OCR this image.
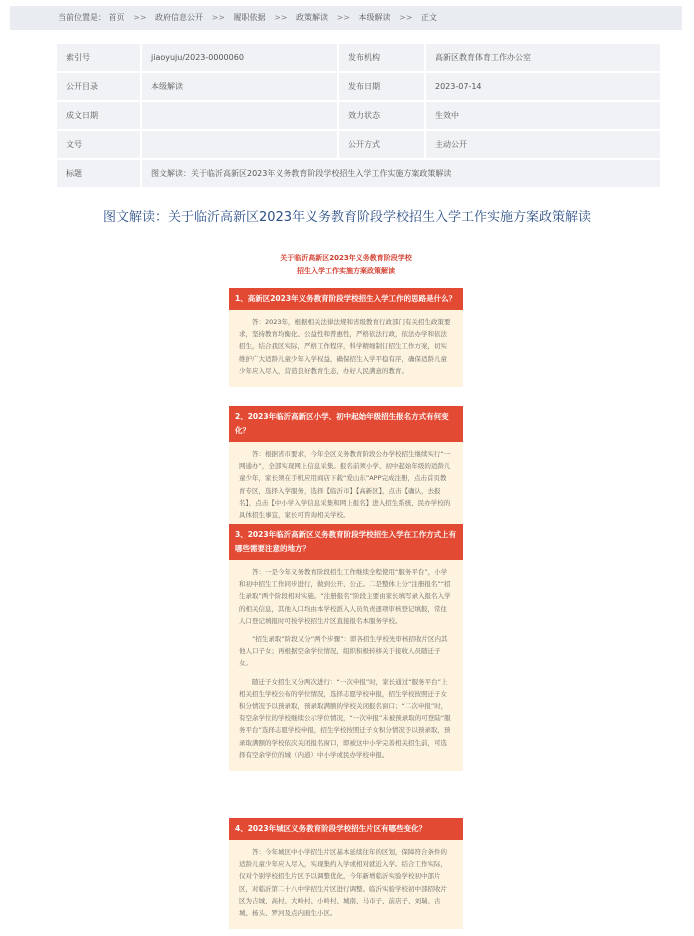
当前位置是： 首页 >> 政府信息公开 >> 履职依据 >> 政策解读 >> 本级解读 >> 正文
索引号	jiaoyuju/2023-0000060	发布机构	高新区教育体育工作办公室
公开目录	本级解读	发布日期	2023-07-14
成文日期		效力状态	生效中
文号		公开方式	主动公开
标题	图文解读：关于临沂高新区2023年义务教育阶段学校招生入学工作实施方案政策解读		
图文解读：关于临沂高新区2023年义务教育阶段学校招生入学工作实施方案政策解读
关于临沂高新区2023年义务教育阶段学校
招生入学工作实施方案政策解读
1、高新区2023年义务教育阶段学校招生入学工作的思路是什么？

答：2023年，根据相关法律法规和省级教育行政部门有关招生政策要求，坚持教育均衡化、公益性和普惠性，严格依法行政，依法办学和依法招生，结合我区实际，严格工作程序，科学精细制订招生工作方案，切实维护广大适龄儿童少年入学权益，确保招生入学平稳有序，确保适龄儿童少年应入尽入，营造良好教育生态，办好人民满意的教育。

2、2023年临沂高新区小学、初中起始年级招生报名方式有何变化？

答：根据省市要求，今年全区义务教育阶段公办学校招生继续实行“一网通办”，全部实现网上信息采集。报名前须小学、初中起始年级的适龄儿童少年，家长须在手机应用商店下载“爱山东”APP完成注册，点击首页教育专区，选择入学服务，选择【临沂市】【高新区】，点击【确认，去报名】，点击【中小学入学信息采集和网上报名】进入招生系统，民办学校的具体招生事宜，家长可咨询相关学校。

3、2023年临沂高新区义务教育阶段学校招生入学在工作方式上有哪些需要注意的地方？

答：一是今年义务教育阶段招生工作继续全程使用“服务平台”，小学和初中招生工作同步进行，做到公开、公正。二是整体上分“注册报名”“招生录取”两个阶段相对实施。“注册报名”阶段主要由家长填写录入报名入学的相关信息，其他入口均由本学校派入人员负责逐项审核登记填报，常住人口登记填报时可按学校招生片区直接报名本服务学校。

“招生录取”阶段又分“两个步骤”：即各招生学校先审核招收片区内其他人口子女；再根据空余学位情况，组织积极转移关于接收人员随迁子女。

随迁子女招生又分两次进行：“一次申报”时，家长通过“服务平台”上相关招生学校公布的学位情况，选择志愿学校申报，招生学校按照迁子女积分情况予以预录取，预录取满额的学校关闭报名窗口；“二次申报”时，有空余学位的学校继续公示学位情况，“一次申报”未被预录取的可登陆“服务平台”选择志愿学校申报，招生学校按照迁子女积分情况予以预录取，预录取满额的学校依次关闭报名窗口，即被这中小学完善相关招生前，可选择有空余学位的城（内道）中小学或民办学校申报。

4、2023年城区义务教育阶段学校招生片区有哪些变化？

答：今年城区中小学招生片区基本延续往年的区划，保障符合条件的适龄儿童少年应入尽入，实现集约入学或相对就近入学。结合工作实际，仅对个别学校招生片区予以调整优化，今年新增临沂实验学校初中部片区，对临沂第二十八中学招生片区进行调整。临沂实验学校初中部招收片区为吉城、高村、大岭村、小岭村、城南、马市子、前店子、刘瑞、古城、杨头、罗河及点内面生小区。
